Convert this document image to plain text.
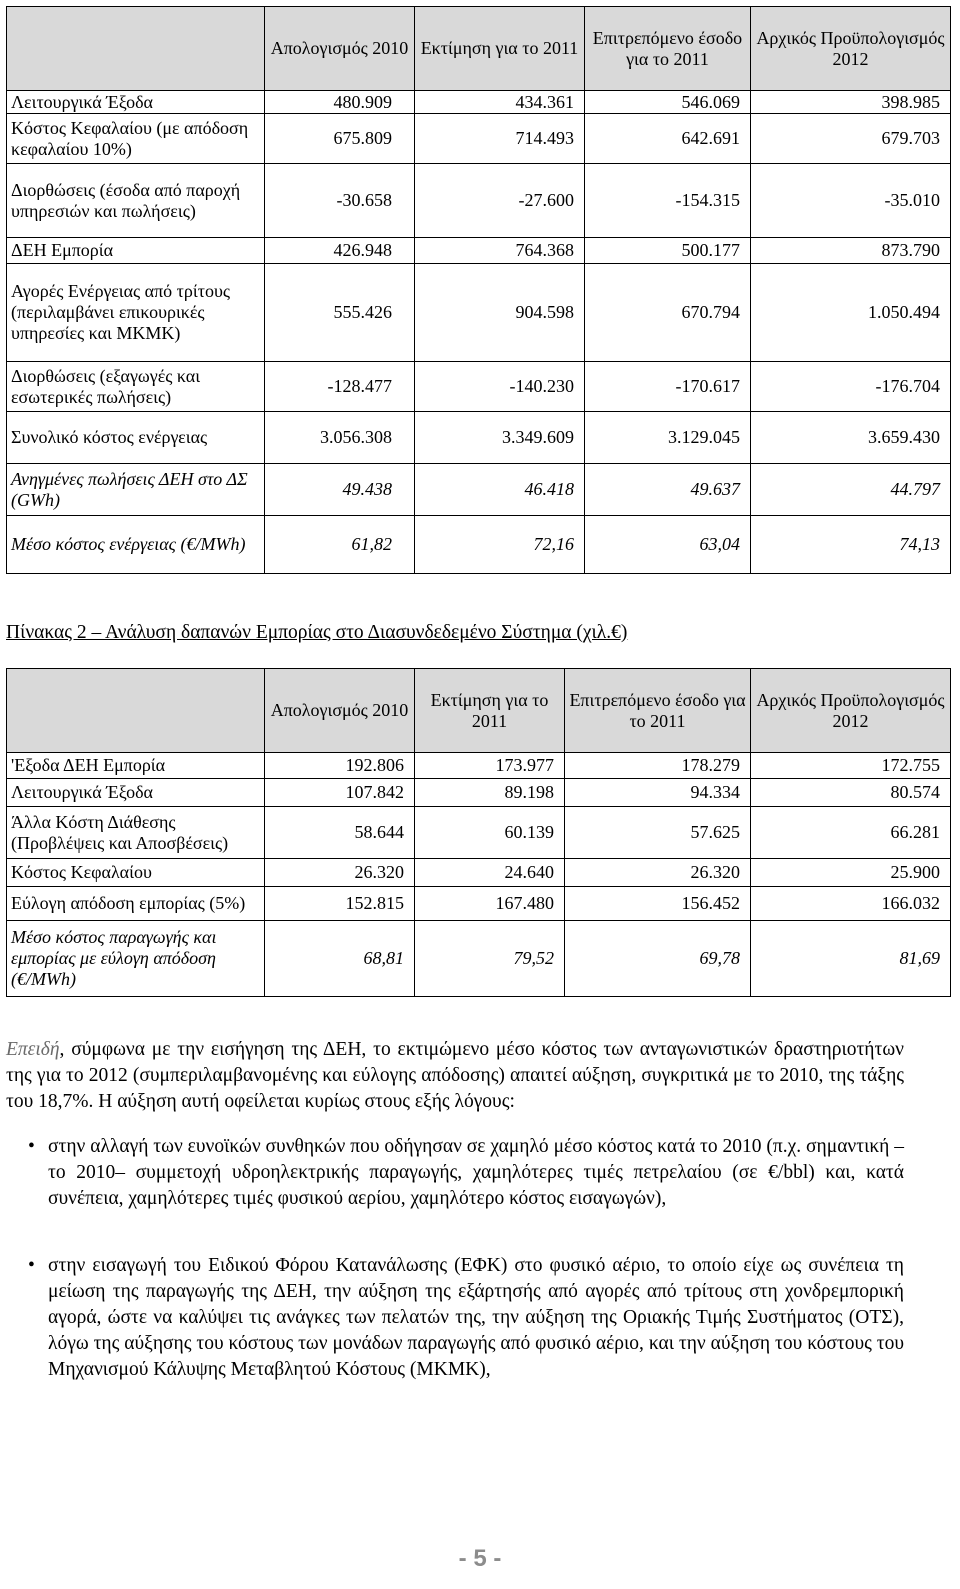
	Απολογισμός 2010	Εκτίμηση για το 2011	Επιτρεπόμενο έσοδο για το 2011	Αρχικός Προϋπολογισμός 2012
Λειτουργικά Έξοδα	480.909	434.361	546.069	398.985
Κόστος Κεφαλαίου (με απόδοση κεφαλαίου 10%)	675.809	714.493	642.691	679.703
Διορθώσεις (έσοδα από παροχή υπηρεσιών και πωλήσεις)	-30.658	-27.600	-154.315	-35.010
ΔΕΗ Εμπορία	426.948	764.368	500.177	873.790
Αγορές Ενέργειας από τρίτους (περιλαμβάνει επικουρικές υπηρεσίες και ΜΚΜΚ)	555.426	904.598	670.794	1.050.494
Διορθώσεις (εξαγωγές και εσωτερικές πωλήσεις)	-128.477	-140.230	-170.617	-176.704
Συνολικό κόστος ενέργειας	3.056.308	3.349.609	3.129.045	3.659.430
Ανηγμένες πωλήσεις ΔΕΗ στο ΔΣ (GWh)	49.438	46.418	49.637	44.797
Μέσο κόστος ενέργειας (€/MWh)	61,82	72,16	63,04	74,13
Πίνακας 2 – Ανάλυση δαπανών Εμπορίας στο Διασυνδεδεμένο Σύστημα (χιλ.€)
	Απολογισμός 2010	Εκτίμηση για το 2011	Επιτρεπόμενο έσοδο για το 2011	Αρχικός Προϋπολογισμός 2012
'Εξοδα ΔΕΗ Εμπορία	192.806	173.977	178.279	172.755
Λειτουργικά Έξοδα	107.842	89.198	94.334	80.574
Άλλα Κόστη Διάθεσης (Προβλέψεις και Αποσβέσεις)	58.644	60.139	57.625	66.281
Κόστος Κεφαλαίου	26.320	24.640	26.320	25.900
Εύλογη απόδοση εμπορίας (5%)	152.815	167.480	156.452	166.032
Μέσο κόστος παραγωγής και εμπορίας με εύλογη απόδοση (€/MWh)	68,81	79,52	69,78	81,69
Επειδή, σύμφωνα με την εισήγηση της ΔΕΗ, το εκτιμώμενο μέσο κόστος των ανταγωνιστικών δραστηριοτήτων της για το 2012 (συμπεριλαμβανομένης και εύλογης απόδοσης) απαιτεί αύξηση, συγκριτικά με το 2010, της τάξης του 18,7%. Η αύξηση αυτή οφείλεται κυρίως στους εξής λόγους:
• στην αλλαγή των ευνοϊκών συνθηκών που οδήγησαν σε χαμηλό μέσο κόστος κατά το 2010 (π.χ. σημαντική –το 2010– συμμετοχή υδροηλεκτρικής παραγωγής, χαμηλότερες τιμές πετρελαίου (σε €/bbl) και, κατά συνέπεια, χαμηλότερες τιμές φυσικού αερίου, χαμηλότερο κόστος εισαγωγών),
• στην εισαγωγή του Ειδικού Φόρου Κατανάλωσης (ΕΦΚ) στο φυσικό αέριο, το οποίο είχε ως συνέπεια τη μείωση της παραγωγής της ΔΕΗ, την αύξηση της εξάρτησής από αγορές από τρίτους στη χονδρεμπορική αγορά, ώστε να καλύψει τις ανάγκες των πελατών της, την αύξηση της Οριακής Τιμής Συστήματος (ΟΤΣ), λόγω της αύξησης του κόστους των μονάδων παραγωγής από φυσικό αέριο, και την αύξηση του κόστους του Μηχανισμού Κάλυψης Μεταβλητού Κόστους (ΜΚΜΚ),
- 5 -
